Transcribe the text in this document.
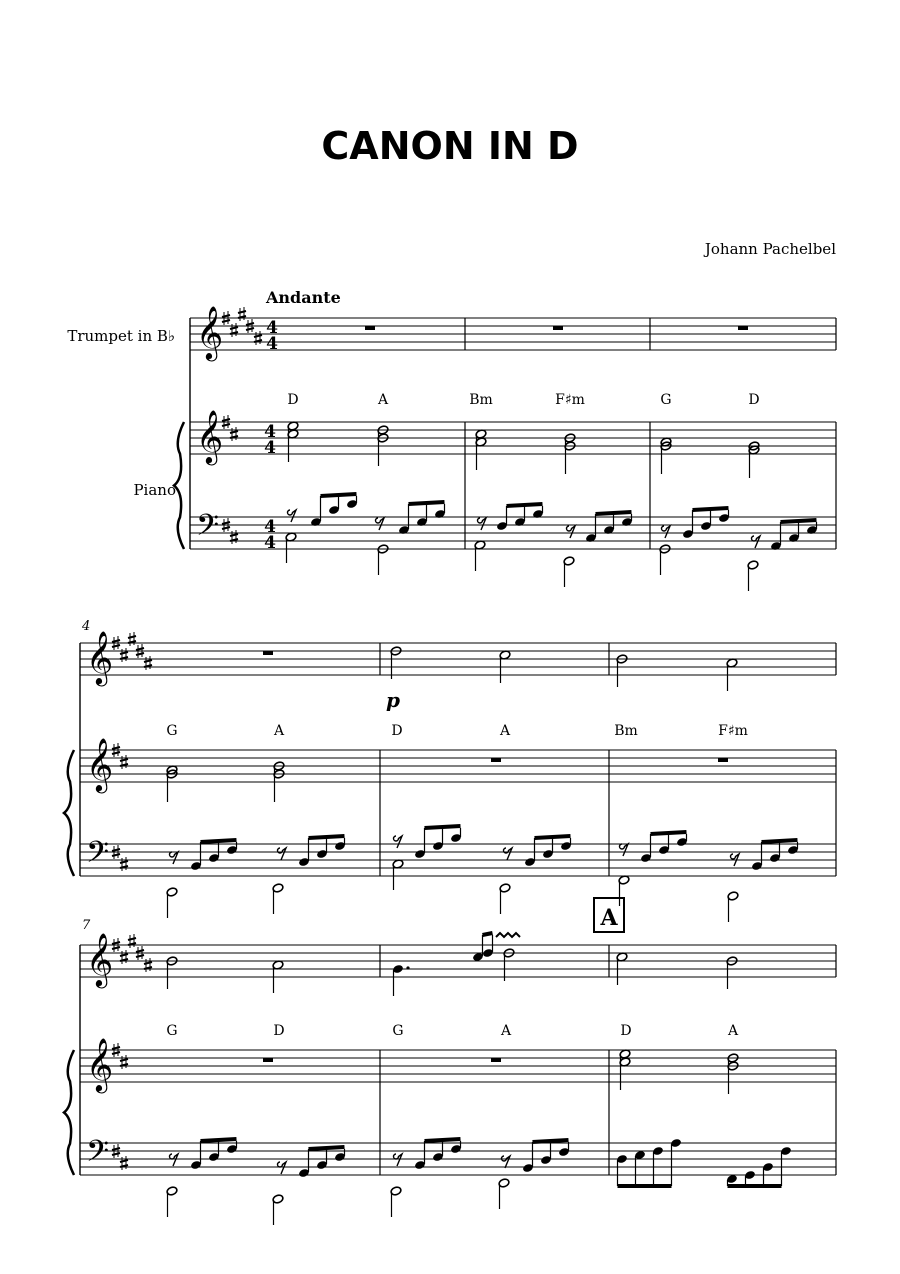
CANON IN D
Johann Pachelbel
Andante
Trumpet in B♭
Piano
𝄞
𝄞
𝄢
4
4
4
4
4
4
𝄞
𝄞
𝄢
𝄞
𝄞
𝄢
D	A	Bm	F♯m	G	D
G	A	D	A	Bm	F♯m
G	D	G	A	D	A
p
A
4
7
